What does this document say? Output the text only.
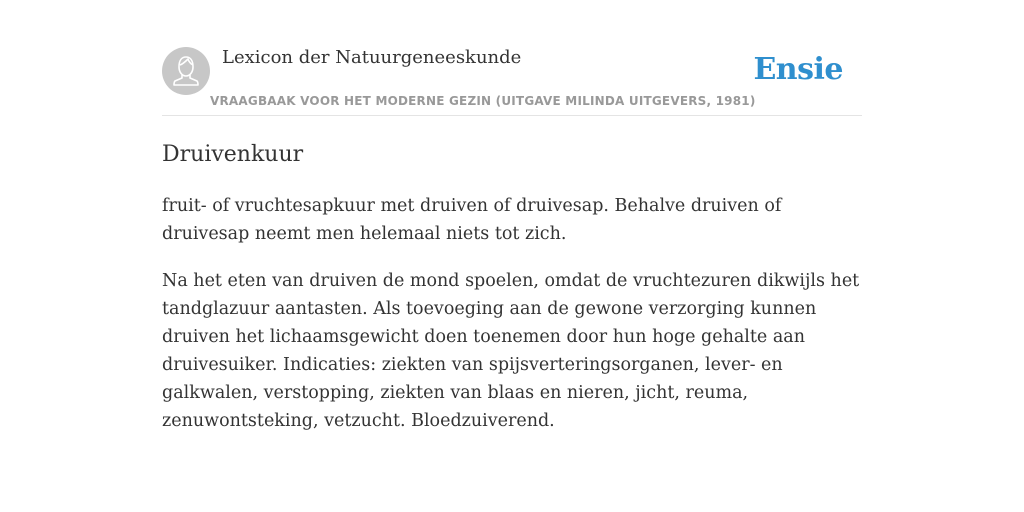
Lexicon der Natuurgeneeskunde
VRAAGBAAK VOOR HET MODERNE GEZIN (UITGAVE MILINDA UITGEVERS, 1981)
Ensie
Druivenkuur

fruit- of vruchtesapkuur met druiven of druivesap. Behalve druiven of druivesap neemt men helemaal niets tot zich.

Na het eten van druiven de mond spoelen, omdat de vruchtezuren dikwijls het tandglazuur aantasten. Als toevoeging aan de gewone verzorging kunnen druiven het lichaamsgewicht doen toenemen door hun hoge gehalte aan druivesuiker. Indicaties: ziekten van spijsverteringsorganen, lever- en galkwalen, verstopping, ziekten van blaas en nieren, jicht, reuma, zenuwontsteking, vetzucht. Bloedzuiverend.
